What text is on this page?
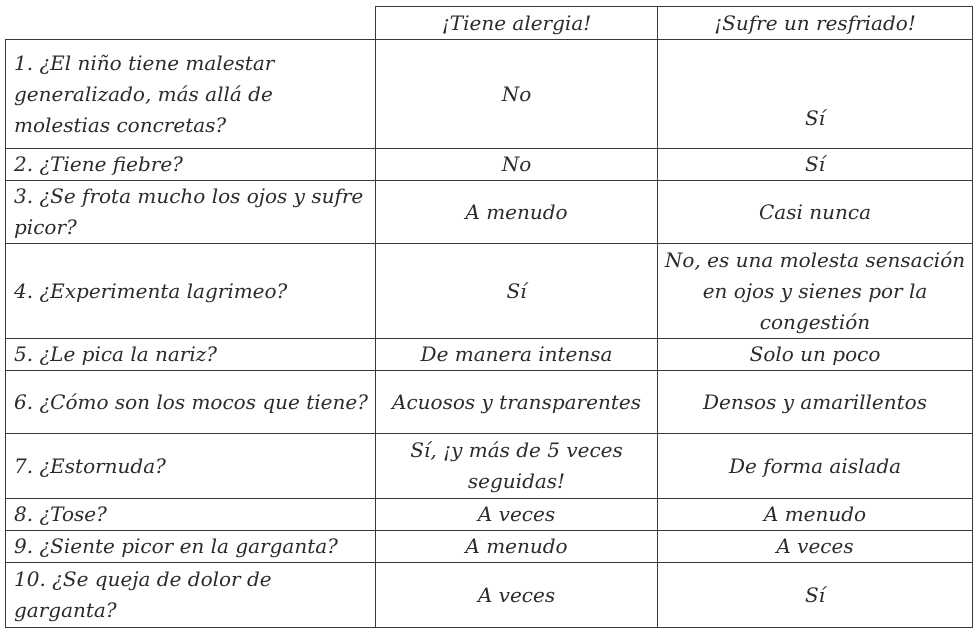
	¡Tiene alergia!	¡Sufre un resfriado!
1. ¿El niño tiene malestar generalizado, más allá de molestias concretas?	No	Sí
2. ¿Tiene fiebre?	No	Sí
3. ¿Se frota mucho los ojos y sufre picor?	A menudo	Casi nunca
4. ¿Experimenta lagrimeo?	Sí	No, es una molesta sensación en ojos y sienes por la congestión
5. ¿Le pica la nariz?	De manera intensa	Solo un poco
6. ¿Cómo son los mocos que tiene?	Acuosos y transparentes	Densos y amarillentos
7. ¿Estornuda?	Sí, ¡y más de 5 veces seguidas!	De forma aislada
8. ¿Tose?	A veces	A menudo
9. ¿Siente picor en la garganta?	A menudo	A veces
10. ¿Se queja de dolor de garganta?	A veces	Sí
